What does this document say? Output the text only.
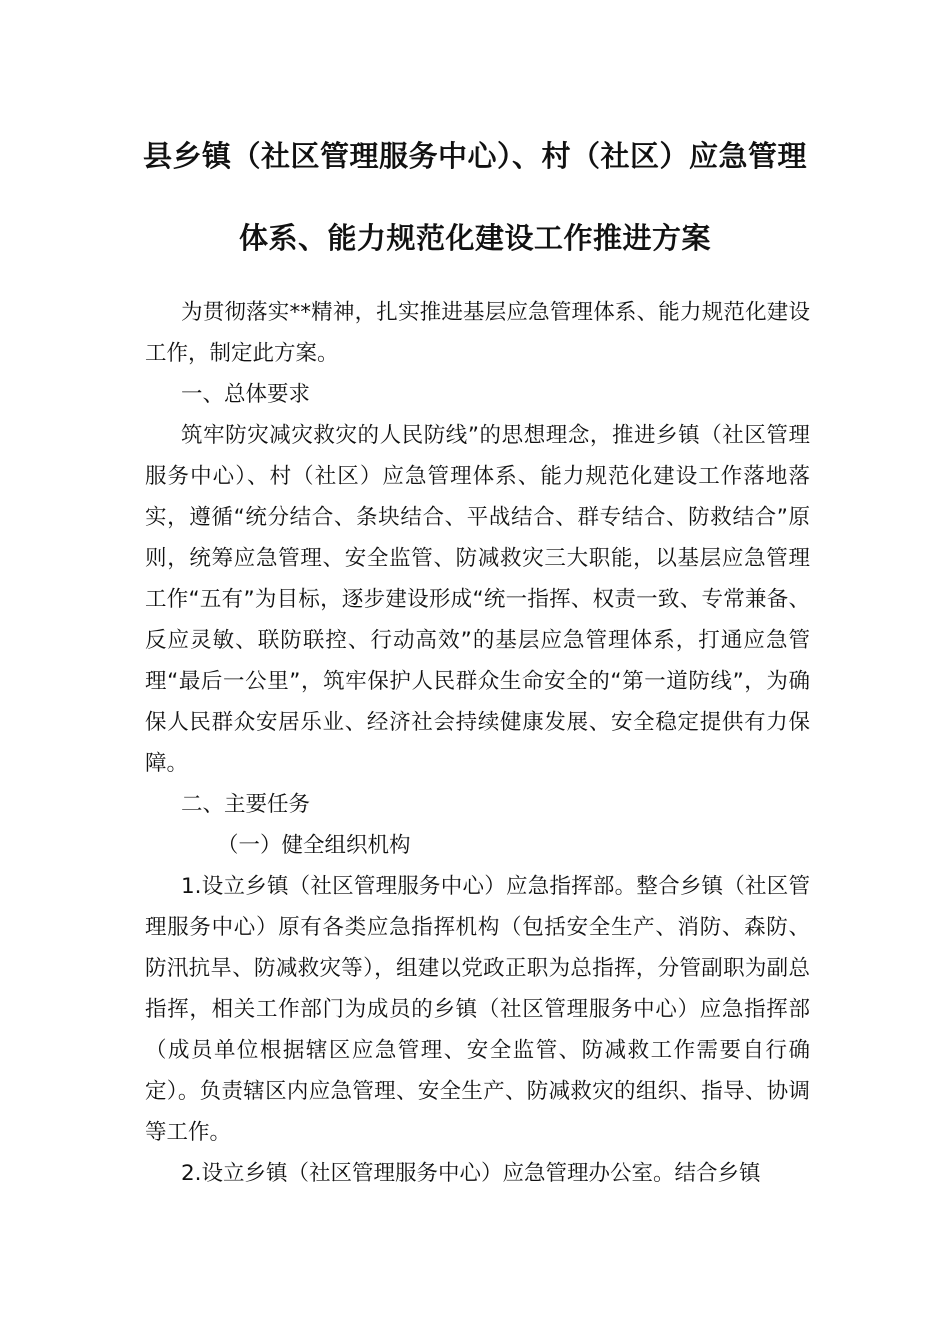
县乡镇（社区管理服务中心）、村（社区）应急管理
体系、能力规范化建设工作推进方案

为贯彻落实**精神，扎实推进基层应急管理体系、能力规范化建设工作，制定此方案。

一、总体要求

筑牢防灾减灾救灾的人民防线”的思想理念，推进乡镇（社区管理服务中心）、村（社区）应急管理体系、能力规范化建设工作落地落实，遵循“统分结合、条块结合、平战结合、群专结合、防救结合”原则，统筹应急管理、安全监管、防减救灾三大职能，以基层应急管理工作“五有”为目标，逐步建设形成“统一指挥、权责一致、专常兼备、反应灵敏、联防联控、行动高效”的基层应急管理体系，打通应急管理“最后一公里”，筑牢保护人民群众生命安全的“第一道防线”，为确保人民群众安居乐业、经济社会持续健康发展、安全稳定提供有力保障。

二、主要任务

（一）健全组织机构

1.设立乡镇（社区管理服务中心）应急指挥部。整合乡镇（社区管理服务中心）原有各类应急指挥机构（包括安全生产、消防、森防、防汛抗旱、防减救灾等），组建以党政正职为总指挥，分管副职为副总指挥，相关工作部门为成员的乡镇（社区管理服务中心）应急指挥部（成员单位根据辖区应急管理、安全监管、防减救工作需要自行确定）。负责辖区内应急管理、安全生产、防减救灾的组织、指导、协调等工作。

2.设立乡镇（社区管理服务中心）应急管理办公室。结合乡镇
